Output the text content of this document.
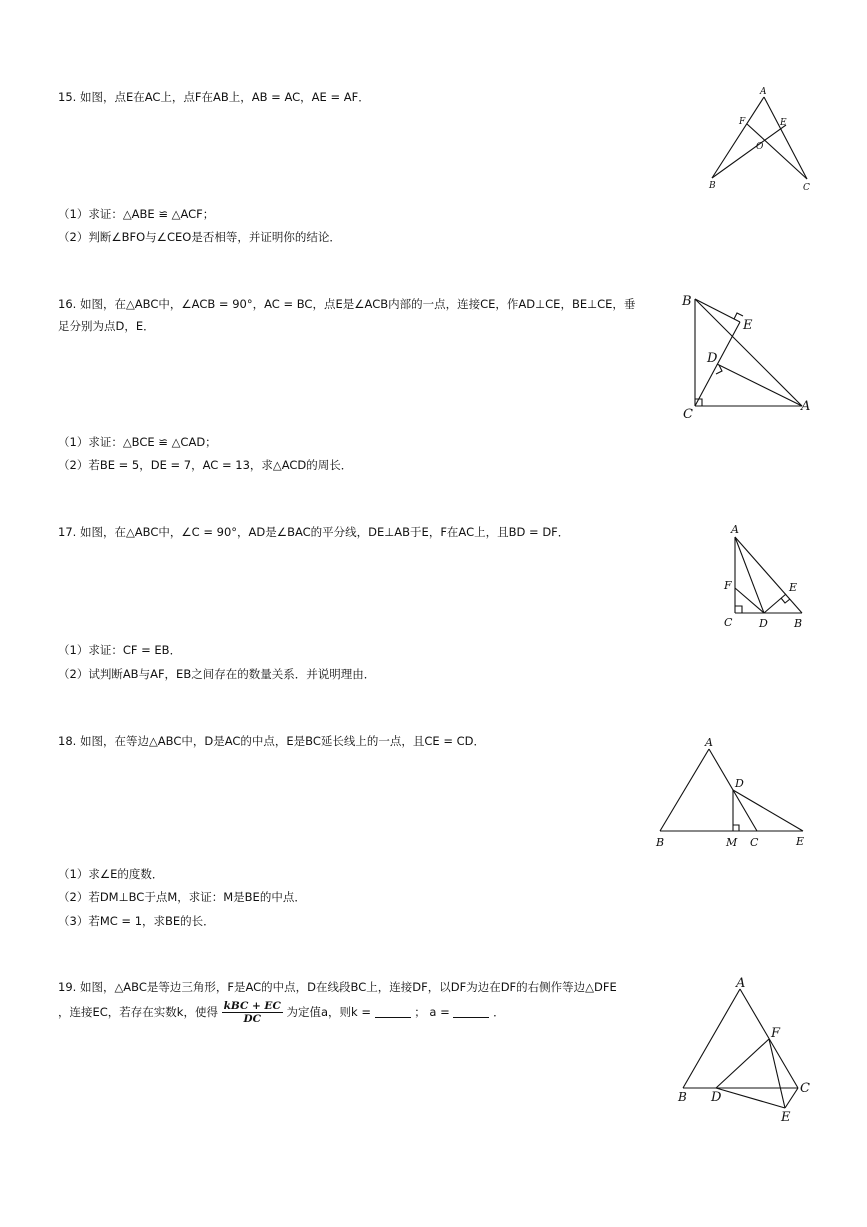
15. 如图，点E在AC上，点F在AB上，AB = AC，AE = AF．
（1）求证：△ABE ≌ △ACF；
（2）判断∠BFO与∠CEO是否相等，并证明你的结论．
A
F	E
O
B	C
16. 如图，在△ABC中，∠ACB = 90°，AC = BC，点E是∠ACB内部的一点，连接CE，作AD⊥CE，BE⊥CE，垂
足分别为点D，E．
（1）求证：△BCE ≌ △CAD；
（2）若BE = 5，DE = 7，AC = 13，求△ACD的周长．
B
E
D
C
A
17. 如图，在△ABC中，∠C = 90°，AD是∠BAC的平分线，DE⊥AB于E，F在AC上，且BD = DF．
（1）求证：CF = EB．
（2）试判断AB与AF，EB之间存在的数量关系．并说明理由．
A
F	E
C D B
18. 如图，在等边△ABC中，D是AC的中点，E是BC延长线上的一点，且CE = CD．
（1）求∠E的度数．
（2）若DM⊥BC于点M，求证：M是BE的中点．
（3）若MC = 1，求BE的长．
A
D
B	M C	E
19. 如图，△ABC是等边三角形，F是AC的中点，D在线段BC上，连接DF，以DF为边在DF的右侧作等边△DFE
，连接EC，若存在实数k，使得 $\frac{\text{kBC + EC}}{DC}$ 为定值a，则k =	； a =	．
A
F
B D
C
E
